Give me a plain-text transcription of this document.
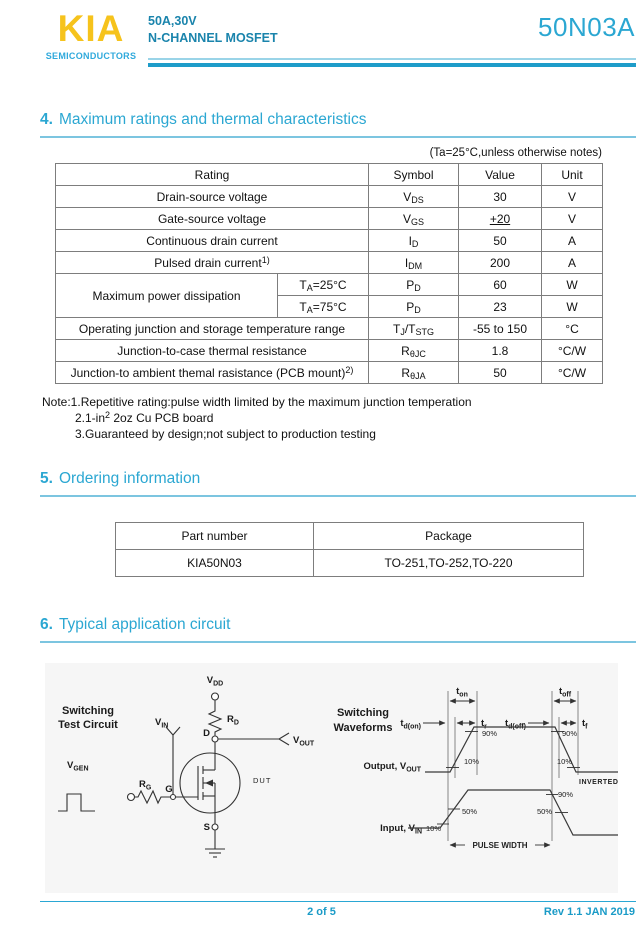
KIA
SEMICONDUCTORS
50A,30V
N-CHANNEL MOSFET	50N03A
4. Maximum ratings and thermal characteristics
(Ta=25°C,unless otherwise notes)
Rating		Symbol	Value	Unit
Drain-source voltage		$V_{DS}$	30	V
Gate-source voltage		$V_{GS}$	+20	V
Continuous drain current		$I_D$	50	A
Pulsed drain current$^{1)}$		$I_{DM}$	200	A
Maximum power dissipation	$T_A=25^\circ C$	$P_D$	60	W
	$T_A=75^\circ C$	$P_D$	23	W
Operating junction and storage temperature range		$T_J/T_{STG}$	-55 to 150	°C
Junction-to-case thermal resistance		$R_{\theta JC}$	1.8	°C/W
Junction-to ambient themal rasistance (PCB mount)$^{2)}$		$R_{\theta JA}$	50	°C/W
Note:1.Repetitive rating:pulse width limited by the maximum junction temperation
$2.1-in^2$ 2oz Cu PCB board
3.Guaranteed by design;not subject to production testing
5. Ordering information
Part number	Package
KIA50N03	TO-251,TO-252,TO-220
6. Typical application circuit
Switching
Test Circuit
$V_{DD}$
$R_D$
D
$V_{OUT}$
DUT
$V_{IN}$
$R_G$ G
$V_{GEN}$
S
Switching
Waveforms
$t_{on}$	$t_{off}$
$t_{d(on)}$	$t_r$ $t_{d(off)}$	$t_f$
Output, $V_{OUT}$
90%
10%
90%
10%
INVERTED
Input, $V_{IN}$ 10%
50%	50%
90%
PULSE WIDTH
2 of 5	Rev 1.1 JAN 2019
